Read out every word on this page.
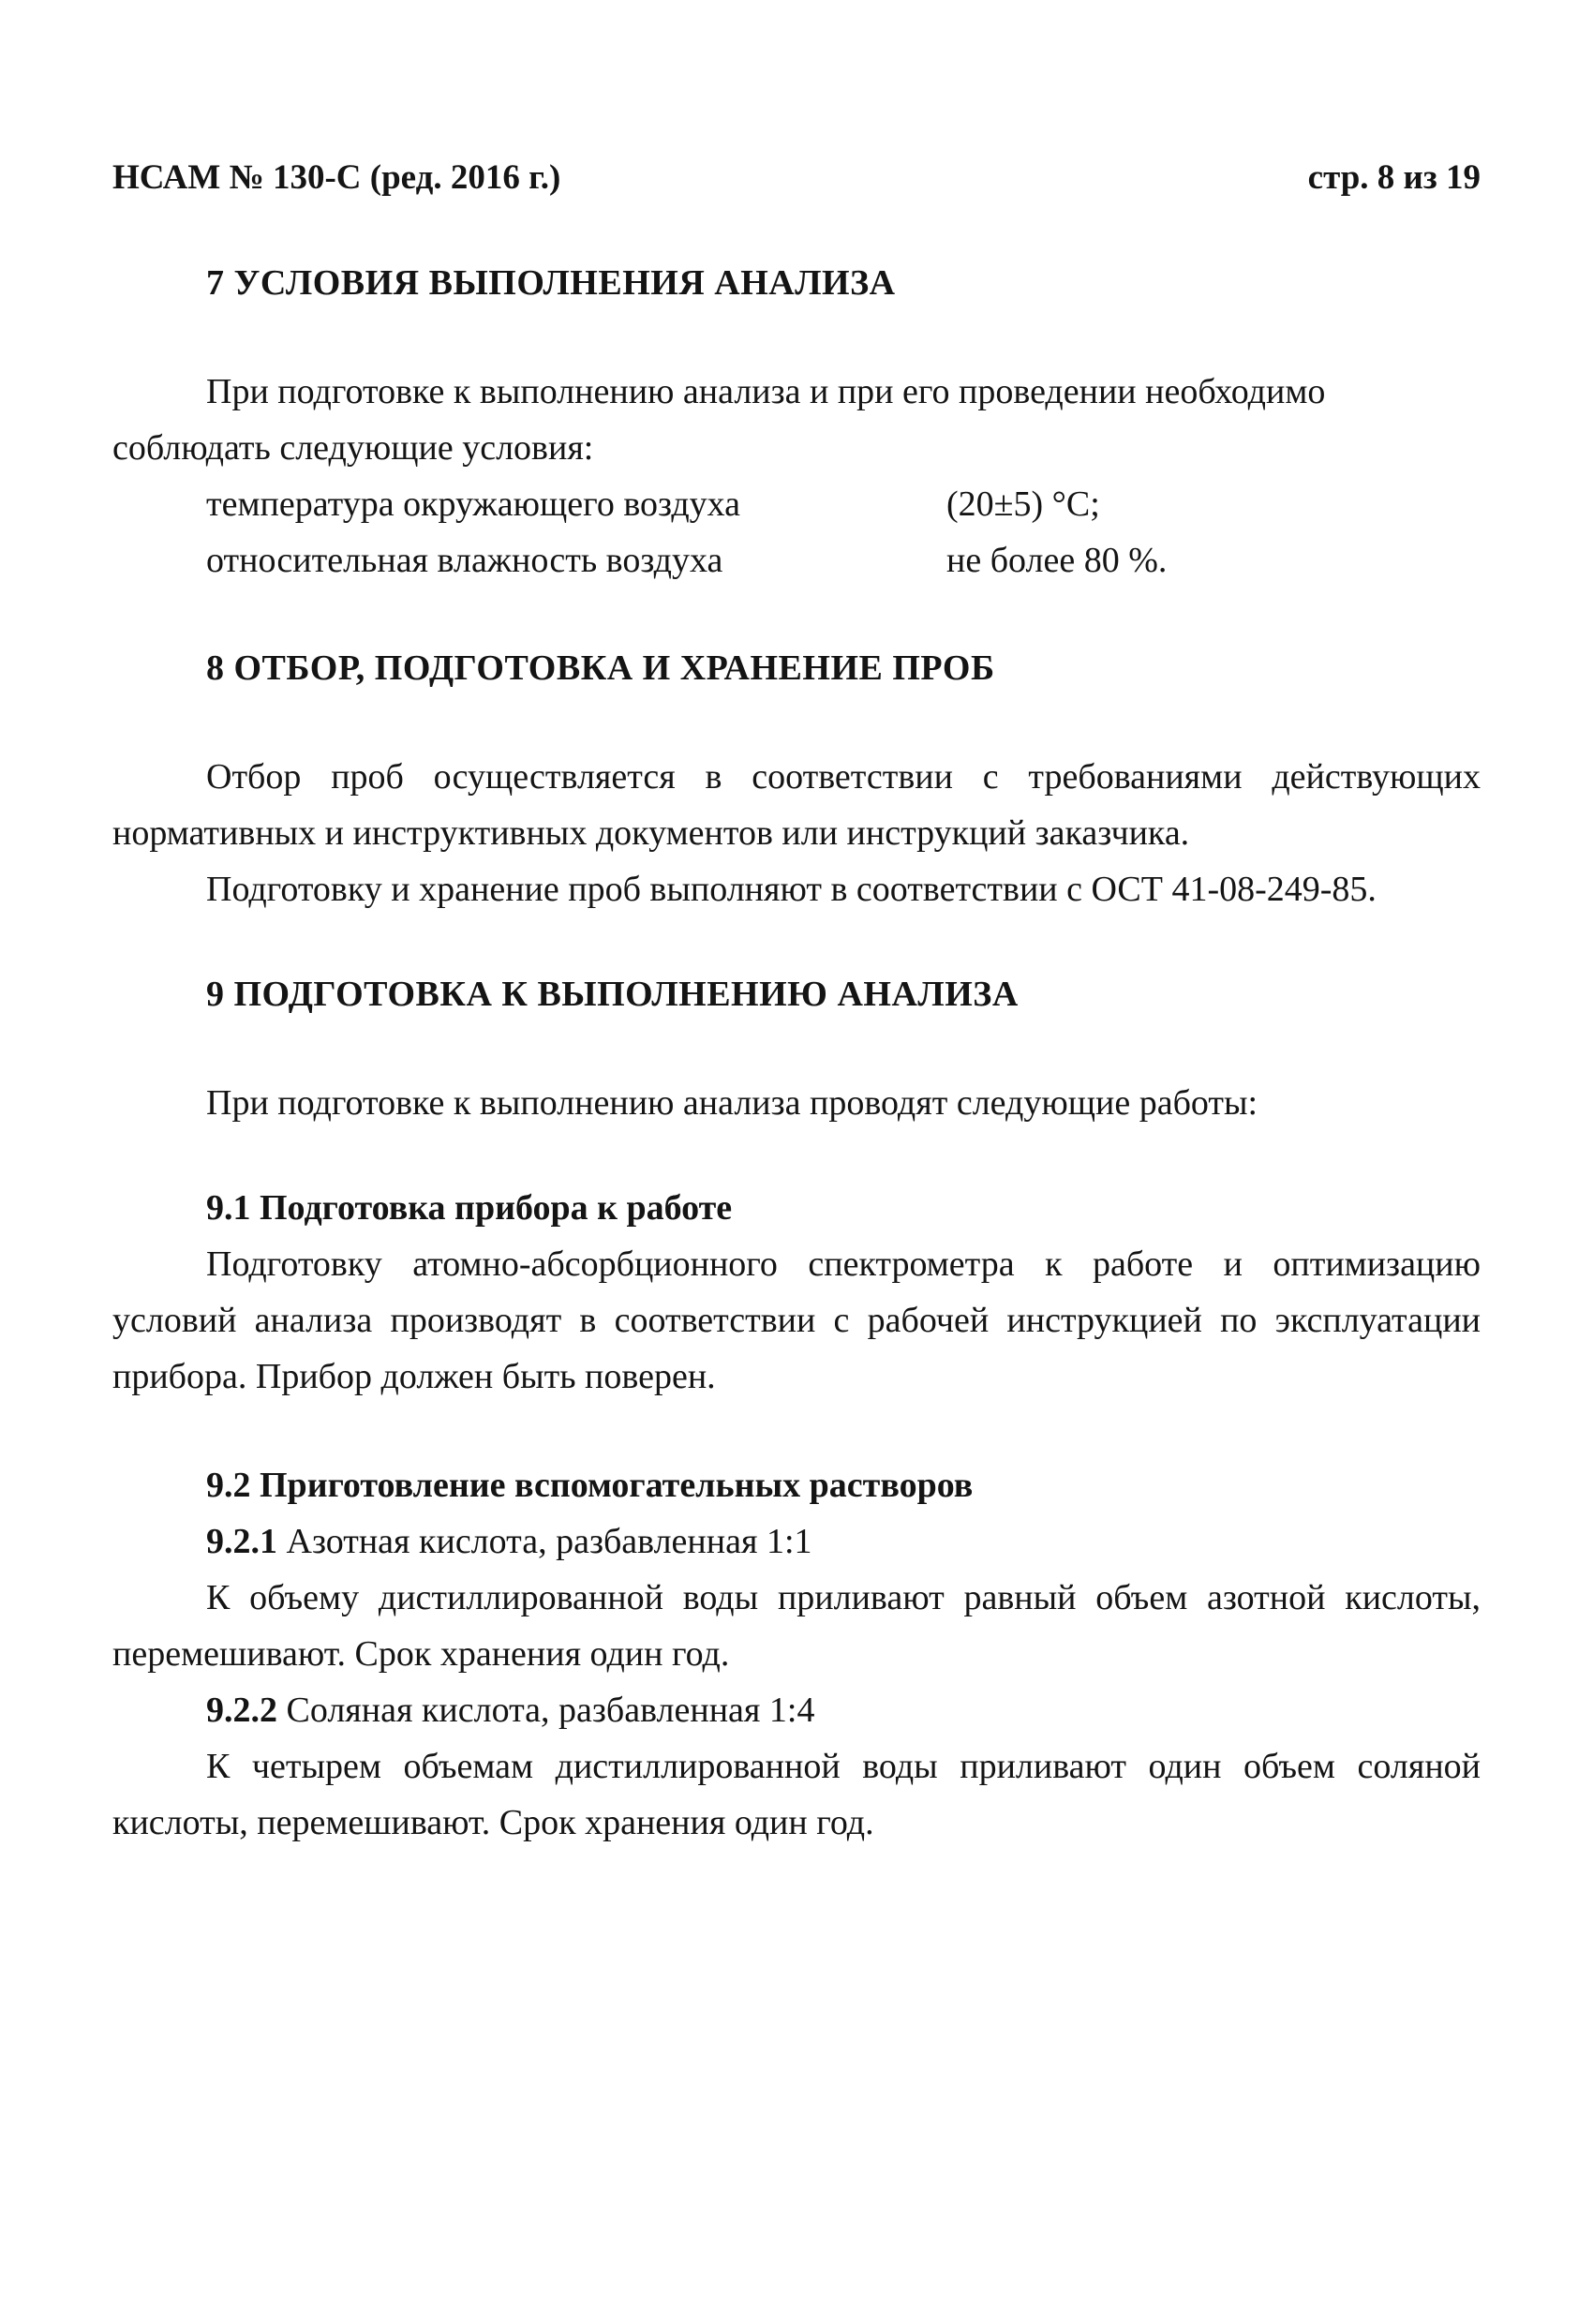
НСАМ № 130-С (ред. 2016 г.)	стр. 8 из 19
7 УСЛОВИЯ ВЫПОЛНЕНИЯ АНАЛИЗА

При подготовке к выполнению анализа и при его проведении необходимо соблюдать следующие условия:

температура окружающего воздуха	(20±5) °С;
относительная влажность воздуха	не более 80 %.
8 ОТБОР, ПОДГОТОВКА И ХРАНЕНИЕ ПРОБ

Отбор проб осуществляется в соответствии с требованиями действующих нормативных и инструктивных документов или инструкций заказчика.

Подготовку и хранение проб выполняют в соответствии с ОСТ 41-08-249-85.

9 ПОДГОТОВКА К ВЫПОЛНЕНИЮ АНАЛИЗА

При подготовке к выполнению анализа проводят следующие работы:

9.1 Подготовка прибора к работе

Подготовку атомно-абсорбционного спектрометра к работе и оптимизацию условий анализа производят в соответствии с рабочей инструкцией по эксплуатации прибора. Прибор должен быть поверен.

9.2 Приготовление вспомогательных растворов

9.2.1 Азотная кислота, разбавленная 1:1

К объему дистиллированной воды приливают равный объем азотной кислоты, перемешивают. Срок хранения один год.

9.2.2 Соляная кислота, разбавленная 1:4

К четырем объемам дистиллированной воды приливают один объем соляной кислоты, перемешивают. Срок хранения один год.
